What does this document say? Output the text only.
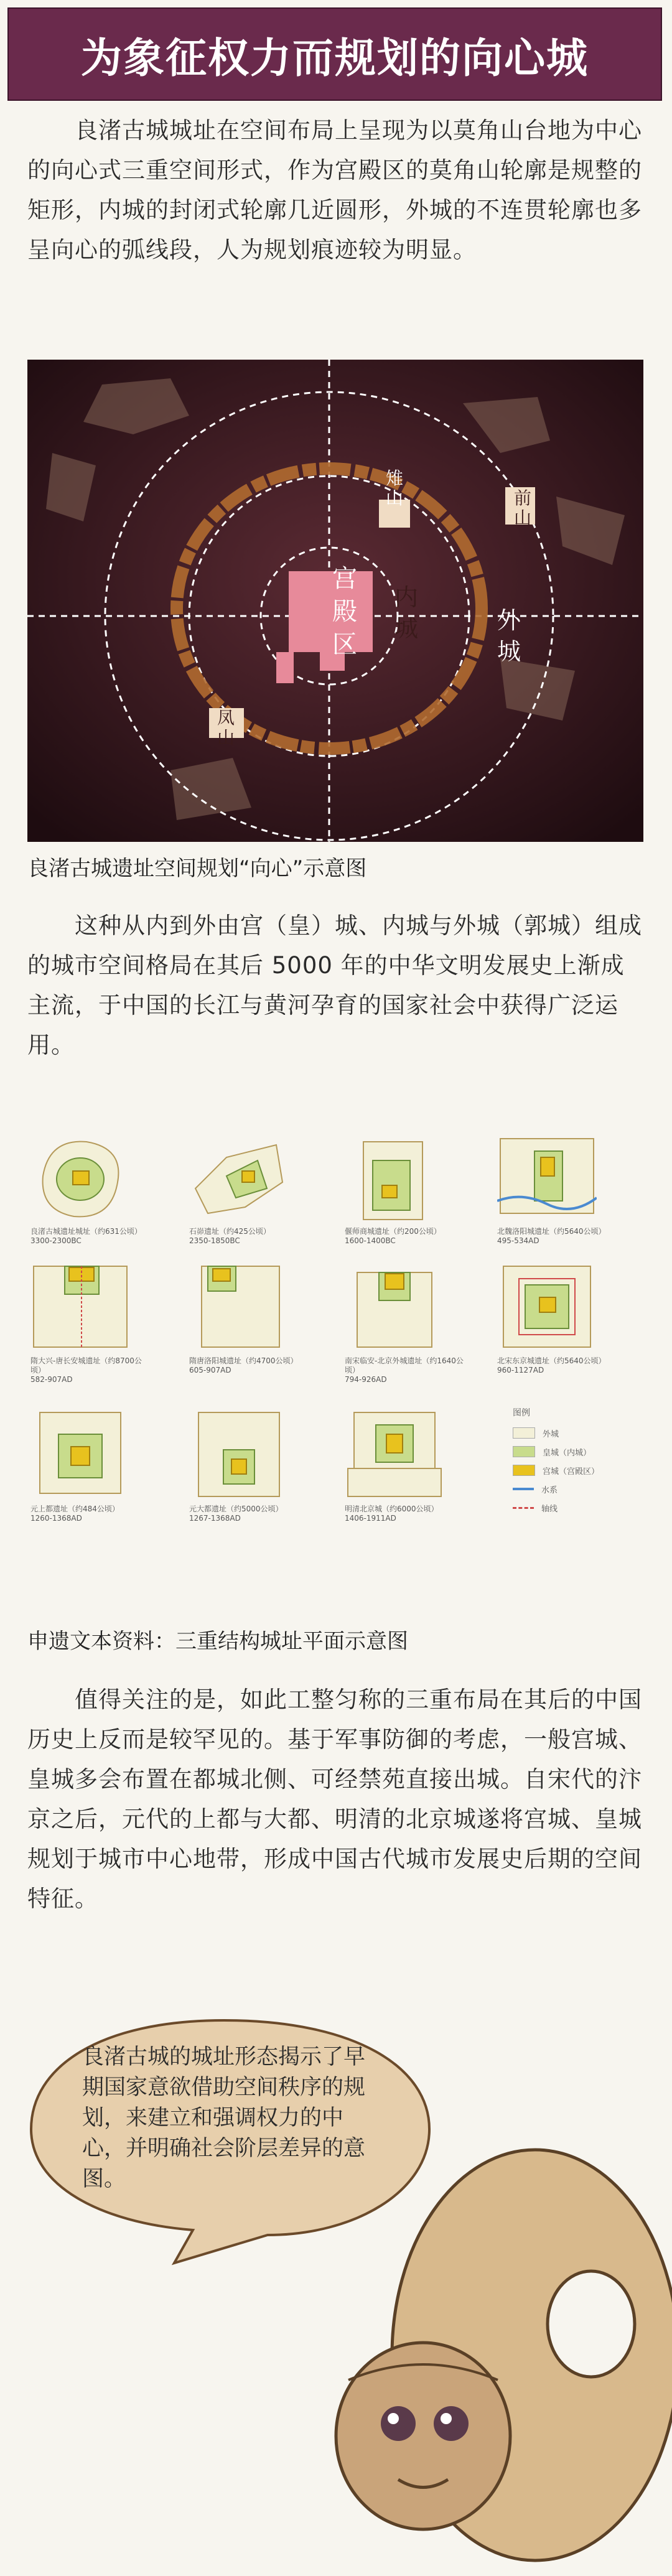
为象征权力而规划的向心城

良渚古城城址在空间布局上呈现为以莫角山台地为中心的向心式三重空间形式，作为宫殿区的莫角山轮廓是规整的矩形，内城的封闭式轮廓几近圆形，外城的不连贯轮廓也多呈向心的弧线段，人为规划痕迹较为明显。

宫
殿
区
内
城	外
城
雉
山	前
山
凤
山

良渚古城遗址空间规划“向心”示意图

这种从内到外由宫（皇）城、内城与外城（郭城）组成的城市空间格局在其后 5000 年的中华文明发展史上渐成主流，于中国的长江与黄河孕育的国家社会中获得广泛运用。

良渚古城遗址城址（约631公顷）
3300-2300BC
石峁遗址（约425公顷）
2350-1850BC
偃师商城遗址（约200公顷）
1600-1400BC
北魏洛阳城遗址（约5640公顷）
495-534AD
隋大兴-唐长安城遗址（约8700公顷）
582-907AD
隋唐洛阳城遗址（约4700公顷）
605-907AD
南宋临安-北京外城遗址（约1640公顷）
794-926AD
北宋东京城遗址（约5640公顷）
960-1127AD
元上都遗址（约484公顷）
1260-1368AD
元大都遗址（约5000公顷）
1267-1368AD
明清北京城（约6000公顷）
1406-1911AD
图例
外城
皇城（内城）
宫城（宫殿区）
水系
轴线

申遗文本资料：三重结构城址平面示意图

值得关注的是，如此工整匀称的三重布局在其后的中国历史上反而是较罕见的。基于军事防御的考虑，一般宫城、皇城多会布置在都城北侧、可经禁苑直接出城。自宋代的汴京之后，元代的上都与大都、明清的北京城遂将宫城、皇城规划于城市中心地带，形成中国古代城市发展史后期的空间特征。

良渚古城的城址形态揭示了早期国家意欲借助空间秩序的规划，来建立和强调权力的中心，并明确社会阶层差异的意图。
